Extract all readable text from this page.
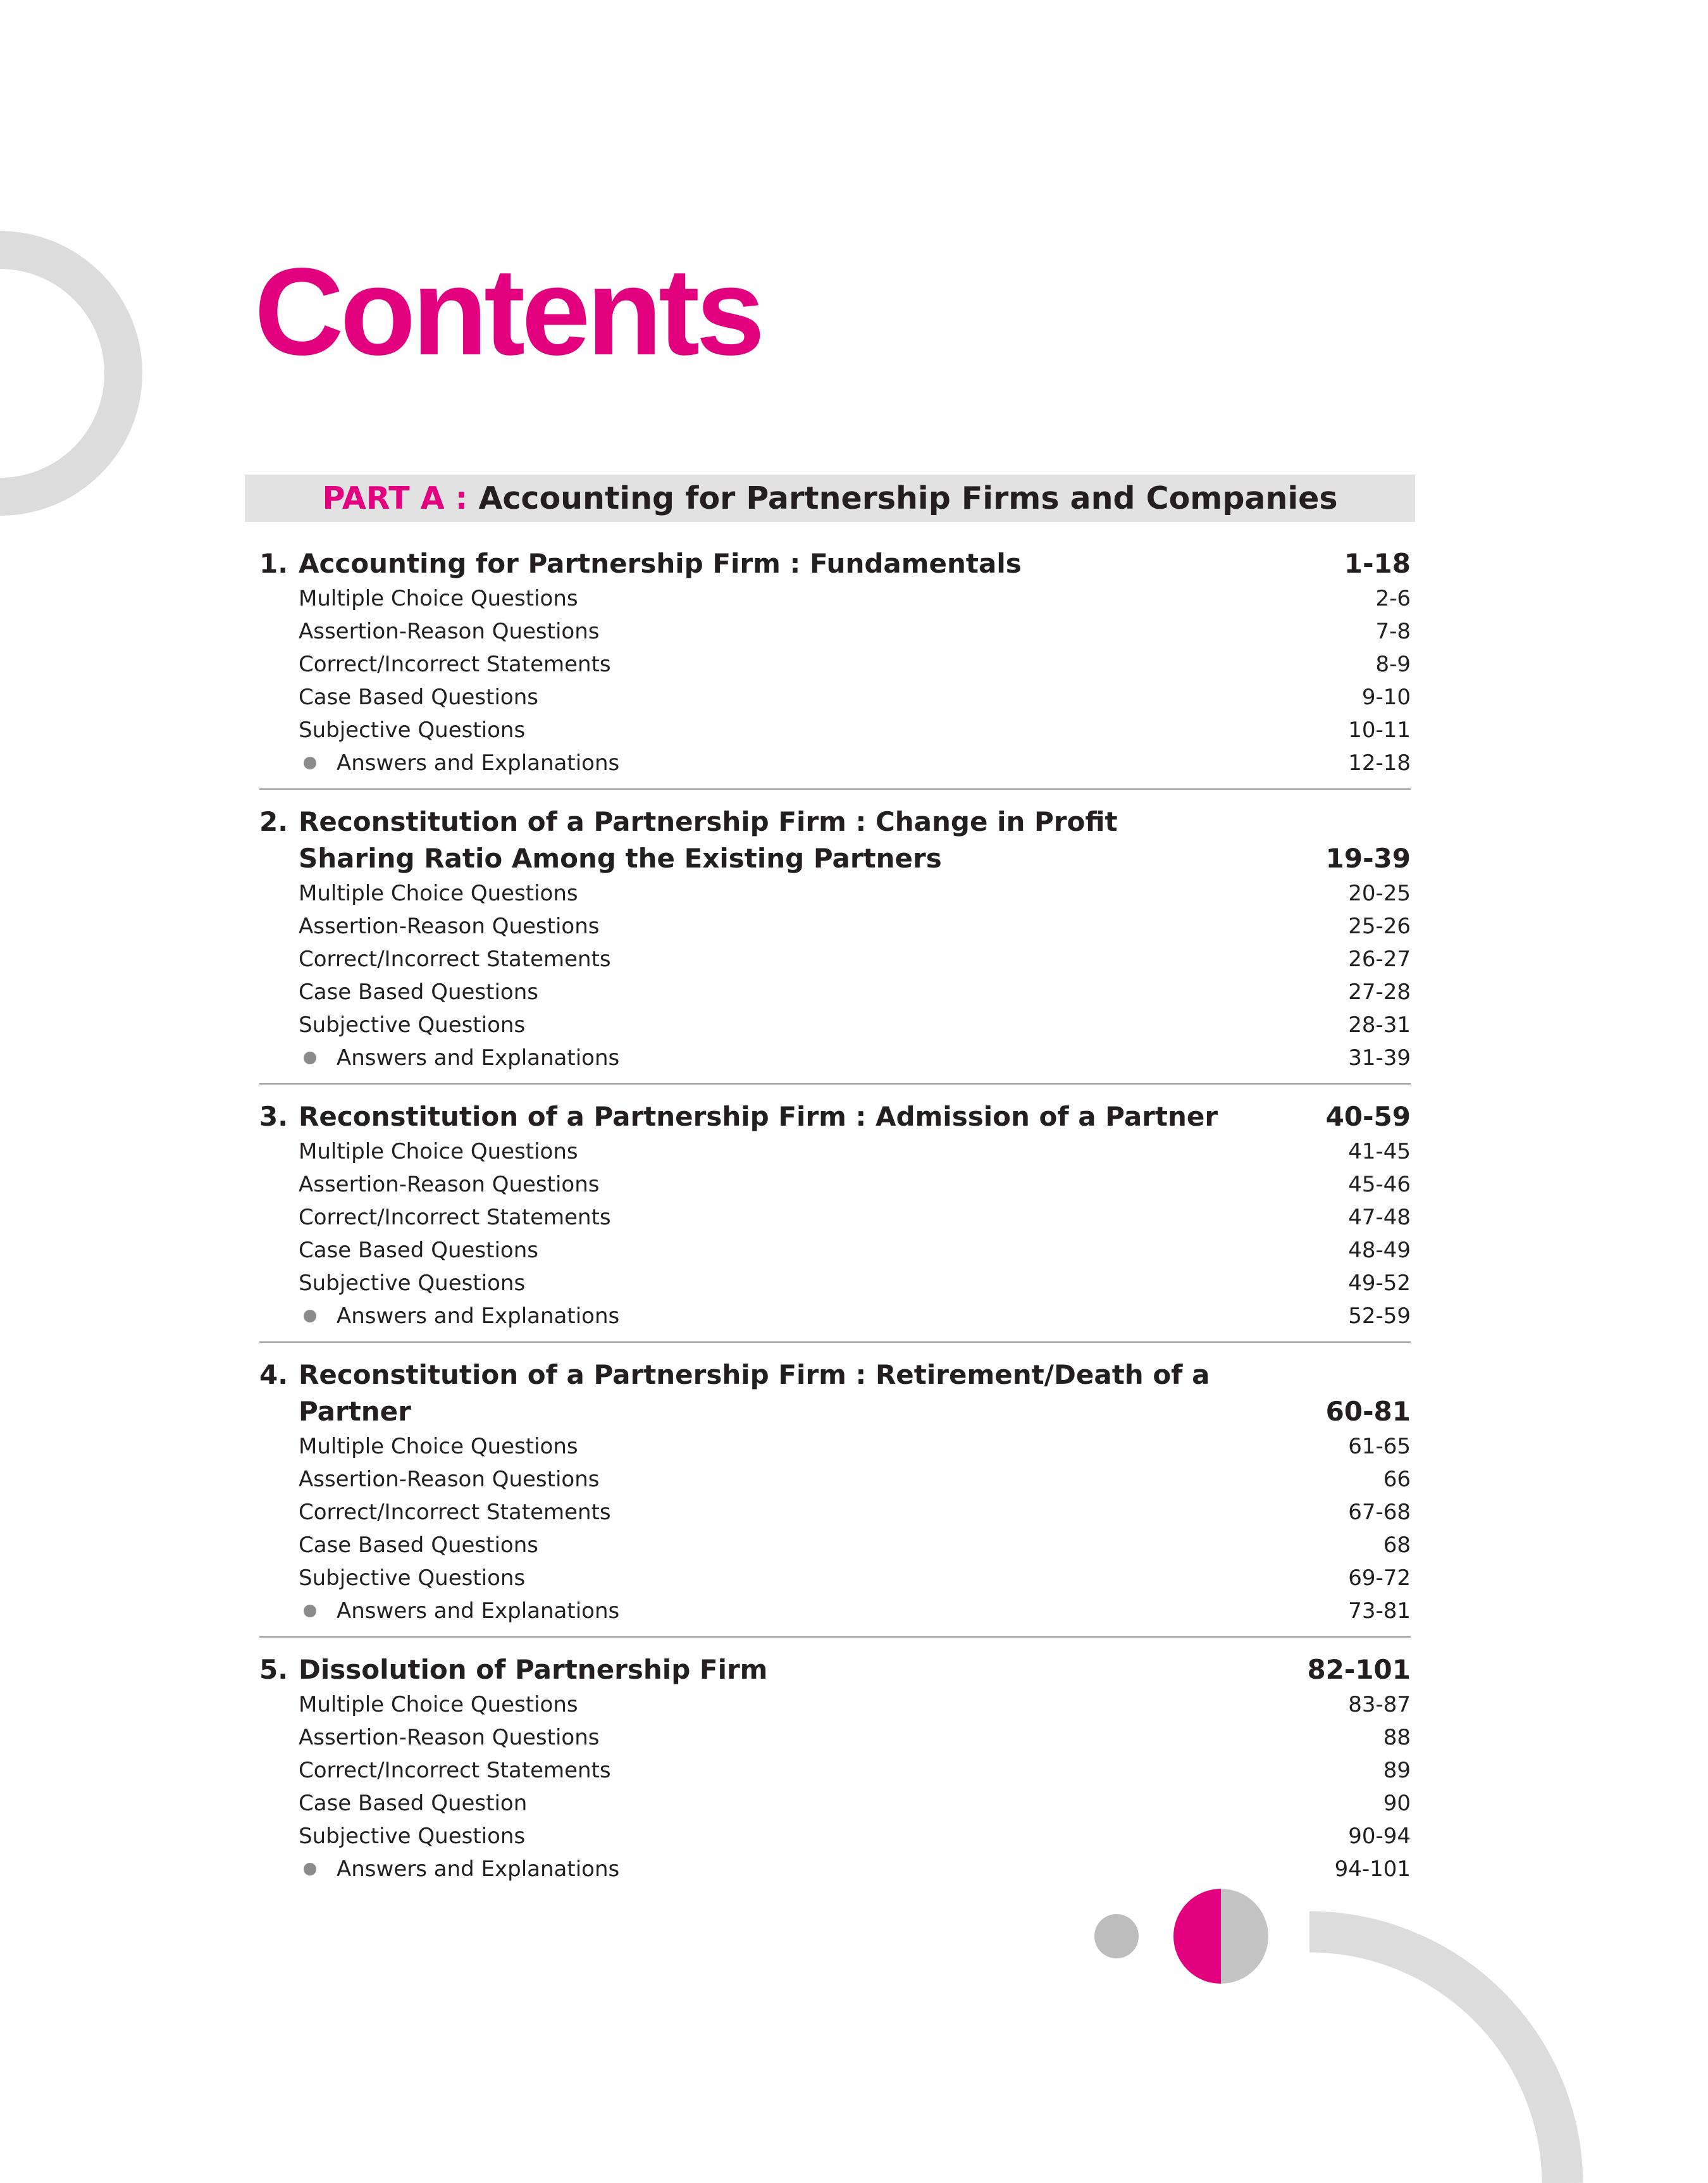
Contents
PART A :
Accounting for Partnership Firms and Companies
1. Accounting for Partnership Firm : Fundamentals	1-18
Multiple Choice Questions	2-6
Assertion-Reason Questions	7-8
Correct/Incorrect Statements	8-9
Case Based Questions	9-10
Subjective Questions	10-11
Answers and Explanations	12-18
2. Reconstitution of a Partnership Firm : Change in Profit Sharing Ratio Among the Existing Partners	19-39
Multiple Choice Questions	20-25
Assertion-Reason Questions	25-26
Correct/Incorrect Statements	26-27
Case Based Questions	27-28
Subjective Questions	28-31
Answers and Explanations	31-39
3. Reconstitution of a Partnership Firm : Admission of a Partner	40-59
Multiple Choice Questions	41-45
Assertion-Reason Questions	45-46
Correct/Incorrect Statements	47-48
Case Based Questions	48-49
Subjective Questions	49-52
Answers and Explanations	52-59
4. Reconstitution of a Partnership Firm : Retirement/Death of a Partner	60-81
Multiple Choice Questions	61-65
Assertion-Reason Questions	66
Correct/Incorrect Statements	67-68
Case Based Questions	68
Subjective Questions	69-72
Answers and Explanations	73-81
5. Dissolution of Partnership Firm	82-101
Multiple Choice Questions	83-87
Assertion-Reason Questions	88
Correct/Incorrect Statements	89
Case Based Question	90
Subjective Questions	90-94
Answers and Explanations	94-101
